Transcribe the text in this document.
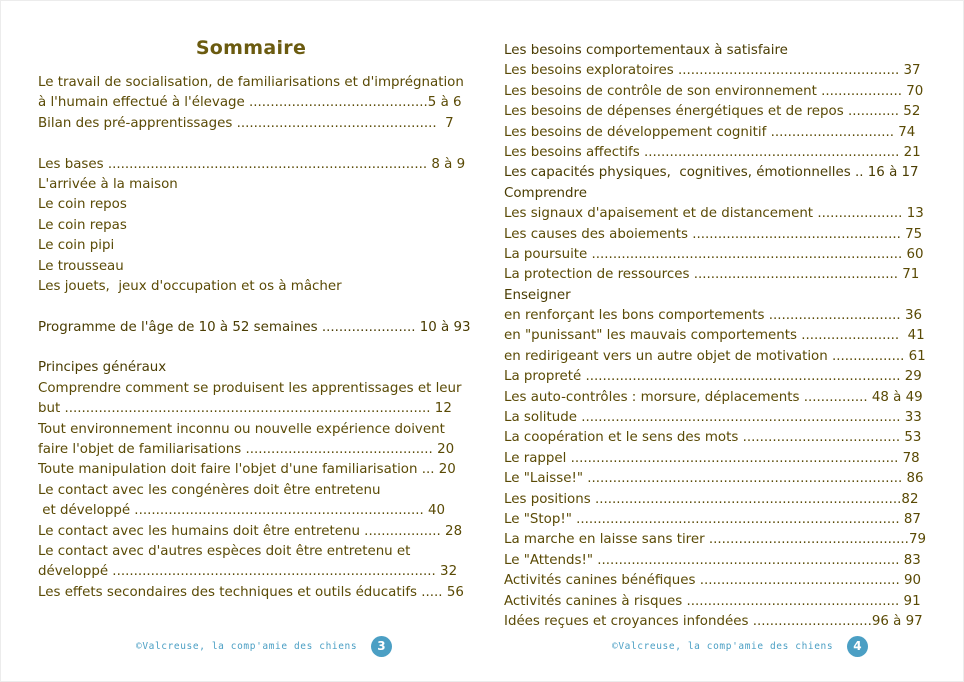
Sommaire
Le travail de socialisation, de familiarisations et d'imprégnation
à l'humain effectué à l'élevage ..........................................5 à 6
Bilan des pré-apprentissages ...............................................  7
Les bases ........................................................................... 8 à 9
L'arrivée à la maison
Le coin repos
Le coin repas
Le coin pipi
Le trousseau
Les jouets,  jeux d'occupation et os à mâcher
Programme de l'âge de 10 à 52 semaines ...................... 10 à 93
Principes généraux
Comprendre comment se produisent les apprentissages et leur
but ...................................................................................... 12
Tout environnement inconnu ou nouvelle expérience doivent
faire l'objet de familiarisations ............................................ 20
Toute manipulation doit faire l'objet d'une familiarisation ... 20
Le contact avec les congénères doit être entretenu
et développé .................................................................... 40
Le contact avec les humains doit être entretenu .................. 28
Le contact avec d'autres espèces doit être entretenu et
développé ............................................................................ 32
Les effets secondaires des techniques et outils éducatifs ..... 56
©Valcreuse, la comp'amie des chiens	3
Les besoins comportementaux à satisfaire
Les besoins exploratoires .................................................... 37
Les besoins de contrôle de son environnement ................... 70
Les besoins de dépenses énergétiques et de repos ............ 52
Les besoins de développement cognitif ............................. 74
Les besoins affectifs ............................................................ 21
Les capacités physiques,  cognitives, émotionnelles .. 16 à 17
Comprendre
Les signaux d'apaisement et de distancement .................... 13
Les causes des aboiements ................................................. 75
La poursuite ......................................................................... 60
La protection de ressources ................................................ 71
Enseigner
en renforçant les bons comportements ............................... 36
en "punissant" les mauvais comportements .......................  41
en redirigeant vers un autre objet de motivation ................. 61
La propreté .......................................................................... 29
Les auto-contrôles : morsure, déplacements ............... 48 à 49
La solitude ........................................................................... 33
La coopération et le sens des mots ..................................... 53
Le rappel ............................................................................. 78
Le "Laisse!" .......................................................................... 86
Les positions ........................................................................82
Le "Stop!" ............................................................................ 87
La marche en laisse sans tirer ...............................................79
Le "Attends!" ....................................................................... 83
Activités canines bénéfiques ............................................... 90
Activités canines à risques .................................................. 91
Idées reçues et croyances infondées ............................96 à 97
©Valcreuse, la comp'amie des chiens	4
